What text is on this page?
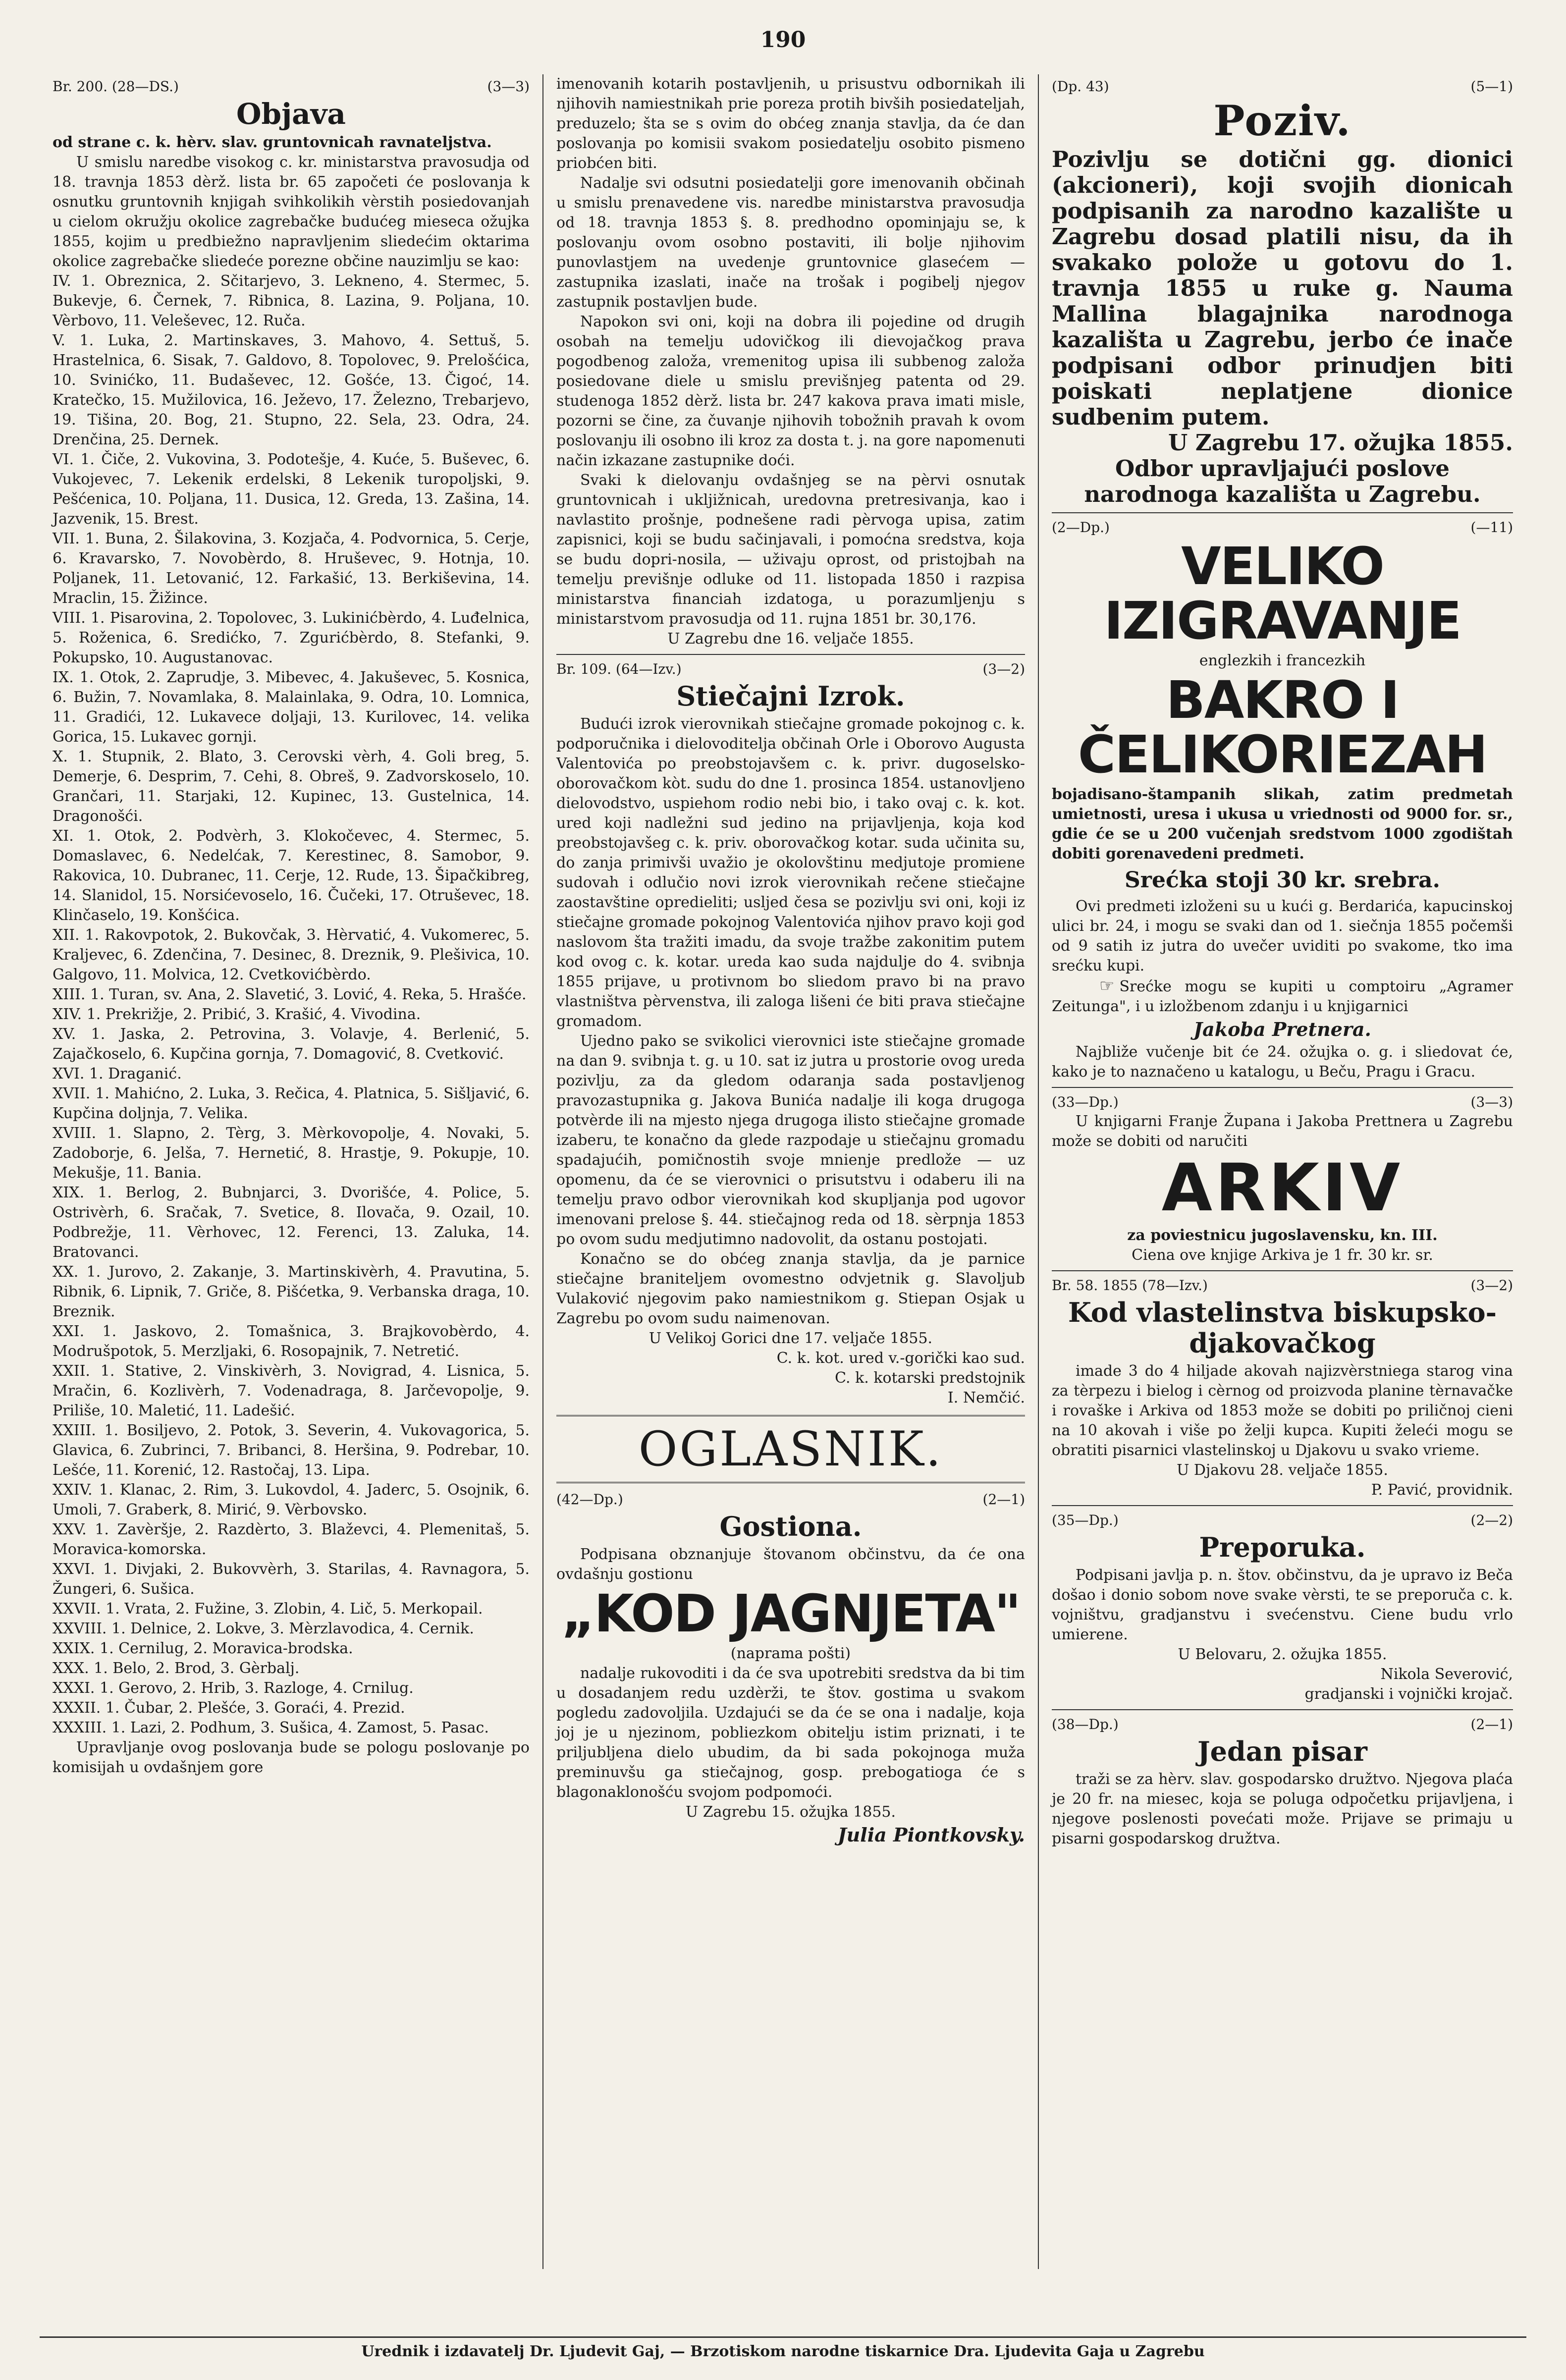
190
Br. 200. (28—DS.)	(3—3)
Objava

od strane c. k. hèrv. slav. gruntovnicah ravnateljstva.

U smislu naredbe visokog c. kr. ministarstva pravosudja od 18. travnja 1853 dèrž. lista br. 65 započeti će poslovanja k osnutku gruntovnih knjigah svihkolikih vèrstih posiedovanjah u cielom okružju okolice zagrebačke budućeg mieseca ožujka 1855, kojim u predbiežno napravljenim sliedećim oktarima okolice zagrebačke sliedeće porezne občine nauzimlju se kao:

IV. 1. Obreznica, 2. Sčitarjevo, 3. Lekneno, 4. Stermec, 5. Bukevje, 6. Černek, 7. Ribnica, 8. Lazina, 9. Poljana, 10. Vèrbovo, 11. Veleševec, 12. Ruča.

V. 1. Luka, 2. Martinskaves, 3. Mahovo, 4. Settuš, 5. Hrastelnica, 6. Sisak, 7. Galdovo, 8. Topolovec, 9. Prelošćica, 10. Svinićko, 11. Budaševec, 12. Gošće, 13. Čigoć, 14. Kratečko, 15. Mužilovica, 16. Ježevo, 17. Železno, Trebarjevo, 19. Tišina, 20. Bog, 21. Stupno, 22. Sela, 23. Odra, 24. Drenčina, 25. Dernek.

VI. 1. Čiče, 2. Vukovina, 3. Podotešje, 4. Kuće, 5. Buševec, 6. Vukojevec, 7. Lekenik erdelski, 8 Lekenik turopoljski, 9. Pešćenica, 10. Poljana, 11. Dusica, 12. Greda, 13. Zašina, 14. Jazvenik, 15. Brest.

VII. 1. Buna, 2. Šilakovina, 3. Kozjača, 4. Podvornica, 5. Cerje, 6. Kravarsko, 7. Novobèrdo, 8. Hruševec, 9. Hotnja, 10. Poljanek, 11. Letovanić, 12. Farkašić, 13. Berkiševina, 14. Mraclin, 15. Žižince.

VIII. 1. Pisarovina, 2. Topolovec, 3. Lukinićbèrdo, 4. Luđelnica, 5. Roženica, 6. Sredićko, 7. Zgurićbèrdo, 8. Stefanki, 9. Pokupsko, 10. Augustanovac.

IX. 1. Otok, 2. Zaprudje, 3. Mibevec, 4. Jakuševec, 5. Kosnica, 6. Bužin, 7. Novamlaka, 8. Malainlaka, 9. Odra, 10. Lomnica, 11. Gradići, 12. Lukavece doljaji, 13. Kurilovec, 14. velika Gorica, 15. Lukavec gornji.

X. 1. Stupnik, 2. Blato, 3. Cerovski vèrh, 4. Goli breg, 5. Demerje, 6. Desprim, 7. Cehi, 8. Obreš, 9. Zadvorskoselo, 10. Grančari, 11. Starjaki, 12. Kupinec, 13. Gustelnica, 14. Dragonošći.

XI. 1. Otok, 2. Podvèrh, 3. Klokočevec, 4. Stermec, 5. Domaslavec, 6. Nedelćak, 7. Kerestinec, 8. Samobor, 9. Rakovica, 10. Dubranec, 11. Cerje, 12. Rude, 13. Šipačkibreg, 14. Slanidol, 15. Norsićevoselo, 16. Čučeki, 17. Otruševec, 18. Klinčaselo, 19. Konšćica.

XII. 1. Rakovpotok, 2. Bukovčak, 3. Hèrvatić, 4. Vukomerec, 5. Kraljevec, 6. Zdenčina, 7. Desinec, 8. Dreznik, 9. Plešivica, 10. Galgovo, 11. Molvica, 12. Cvetkovićbèrdo.

XIII. 1. Turan, sv. Ana, 2. Slavetić, 3. Lović, 4. Reka, 5. Hrašće.

XIV. 1. Prekrižje, 2. Pribić, 3. Krašić, 4. Vivodina.

XV. 1. Jaska, 2. Petrovina, 3. Volavje, 4. Berlenić, 5. Zajačkoselo, 6. Kupčina gornja, 7. Domagović, 8. Cvetković.

XVI. 1. Draganić.

XVII. 1. Mahićno, 2. Luka, 3. Rečica, 4. Platnica, 5. Sišljavić, 6. Kupčina doljnja, 7. Velika.

XVIII. 1. Slapno, 2. Tèrg, 3. Mèrkovopolje, 4. Novaki, 5. Zadoborje, 6. Jelša, 7. Hernetić, 8. Hrastje, 9. Pokupje, 10. Mekušje, 11. Bania.

XIX. 1. Berlog, 2. Bubnjarci, 3. Dvorišće, 4. Police, 5. Ostrivèrh, 6. Sračak, 7. Svetice, 8. Ilovača, 9. Ozail, 10. Podbrežje, 11. Vèrhovec, 12. Ferenci, 13. Zaluka, 14. Bratovanci.

XX. 1. Jurovo, 2. Zakanje, 3. Martinskivèrh, 4. Pravutina, 5. Ribnik, 6. Lipnik, 7. Griče, 8. Pišćetka, 9. Verbanska draga, 10. Breznik.

XXI. 1. Jaskovo, 2. Tomašnica, 3. Brajkovobèrdo, 4. Modrušpotok, 5. Merzljaki, 6. Rosopajnik, 7. Netretić.

XXII. 1. Stative, 2. Vinskivèrh, 3. Novigrad, 4. Lisnica, 5. Mračin, 6. Kozlivèrh, 7. Vodenadraga, 8. Jarčevopolje, 9. Priliše, 10. Maletić, 11. Ladešić.

XXIII. 1. Bosiljevo, 2. Potok, 3. Severin, 4. Vukovagorica, 5. Glavica, 6. Zubrinci, 7. Bribanci, 8. Heršina, 9. Podrebar, 10. Lešće, 11. Korenić, 12. Rastočaj, 13. Lipa.

XXIV. 1. Klanac, 2. Rim, 3. Lukovdol, 4. Jaderc, 5. Osojnik, 6. Umoli, 7. Graberk, 8. Mirić, 9. Vèrbovsko.

XXV. 1. Zavèršje, 2. Razdèrto, 3. Blaževci, 4. Plemenitaš, 5. Moravica-komorska.

XXVI. 1. Divjaki, 2. Bukovvèrh, 3. Starilas, 4. Ravnagora, 5. Žungeri, 6. Sušica.

XXVII. 1. Vrata, 2. Fužine, 3. Zlobin, 4. Lič, 5. Merkopail.

XXVIII. 1. Delnice, 2. Lokve, 3. Mèrzlavodica, 4. Cernik.

XXIX. 1. Cernilug, 2. Moravica-brodska.

XXX. 1. Belo, 2. Brod, 3. Gèrbalj.

XXXI. 1. Gerovo, 2. Hrib, 3. Razloge, 4. Crnilug.

XXXII. 1. Čubar, 2. Plešće, 3. Goraći, 4. Prezid.

XXXIII. 1. Lazi, 2. Podhum, 3. Sušica, 4. Zamost, 5. Pasac.

Upravljanje ovog poslovanja bude se pologu poslovanje po komisijah u ovdašnjem gore

imenovanih kotarih postavljenih, u prisustvu odbornikah ili njihovih namiestnikah prie poreza protih bivših posiedateljah, preduzelo; šta se s ovim do obćeg znanja stavlja, da će dan poslovanja po komisii svakom posiedatelju osobito pismeno priobćen biti.

Nadalje svi odsutni posiedatelji gore imenovanih občinah u smislu prenavedene vis. naredbe ministarstva pravosudja od 18. travnja 1853 §. 8. predhodno opominjaju se, k poslovanju ovom osobno postaviti, ili bolje njihovim punovlastjem na uvedenje gruntovnice glasećem — zastupnika izaslati, inače na trošak i pogibelj njegov zastupnik postavljen bude.

Napokon svi oni, koji na dobra ili pojedine od drugih osobah na temelju udovičkog ili dievojačkog prava pogodbenog založa, vremenitog upisa ili subbenog založa posiedovane diele u smislu previšnjeg patenta od 29. studenoga 1852 dèrž. lista br. 247 kakova prava imati misle, pozorni se čine, za čuvanje njihovih tobožnih pravah k ovom poslovanju ili osobno ili kroz za dosta t. j. na gore napomenuti način izkazane zastupnike doći.

Svaki k dielovanju ovdašnjeg se na pèrvi osnutak gruntovnicah i ukljižnicah, uredovna pretresivanja, kao i navlastito prošnje, podnešene radi pèrvoga upisa, zatim zapisnici, koji se budu sačinjavali, i pomoćna sredstva, koja se budu dopri-nosila, — uživaju oprost, od pristojbah na temelju previšnje odluke od 11. listopada 1850 i razpisa ministarstva financiah izdatoga, u porazumljenju s ministarstvom pravosudja od 11. rujna 1851 br. 30,176.

U Zagrebu dne 16. veljače 1855.

Br. 109. (64—Izv.)	(3—2)
Stiečajni Izrok.

Budući izrok vierovnikah stiečajne gromade pokojnog c. k. podporučnika i dielovoditelja občinah Orle i Oborovo Augusta Valentovića po preobstojavšem c. k. privr. dugoselsko-oborovačkom kòt. sudu do dne 1. prosinca 1854. ustanovljeno dielovodstvo, uspiehom rodio nebi bio, i tako ovaj c. k. kot. ured koji nadležni sud jedino na prijavljenja, koja kod preobstojavšeg c. k. priv. oborovačkog kotar. suda učinita su, do zanja primivši uvažio je okolovštinu medjutoje promiene sudovah i odlučio novi izrok vierovnikah rečene stiečajne zaostavštine opredieliti; usljed česa se pozivlju svi oni, koji iz stiečajne gromade pokojnog Valentovića njihov pravo koji god naslovom šta tražiti imadu, da svoje tražbe zakonitim putem kod ovog c. k. kotar. ureda kao suda najdulje do 4. svibnja 1855 prijave, u protivnom bo sliedom pravo bi na pravo vlastništva pèrvenstva, ili zaloga lišeni će biti prava stiečajne gromadom.

Ujedno pako se svikolici vierovnici iste stiečajne gromade na dan 9. svibnja t. g. u 10. sat iz jutra u prostorie ovog ureda pozivlju, za da gledom odaranja sada postavljenog pravozastupnika g. Jakova Bunića nadalje ili koga drugoga potvèrde ili na mjesto njega drugoga ilisto stiečajne gromade izaberu, te konačno da glede razpodaje u stiečajnu gromadu spadajućih, pomičnostih svoje mnienje predlože — uz opomenu, da će se vierovnici o prisutstvu i odaberu ili na temelju pravo odbor vierovnikah kod skupljanja pod ugovor imenovani prelose §. 44. stiečajnog reda od 18. sèrpnja 1853 po ovom sudu medjutimno nadovolit, da ostanu postojati.

Konačno se do obćeg znanja stavlja, da je parnice stiečajne braniteljem ovomestno odvjetnik g. Slavoljub Vulaković njegovim pako namiestnikom g. Stiepan Osjak u Zagrebu po ovom sudu naimenovan.

U Velikoj Gorici dne 17. veljače 1855.

C. k. kot. ured v.-gorički kao sud.

C. k. kotarski predstojnik

I. Nemčić.

OGLASNIK.
(42—Dp.)	(2—1)
Gostiona.

Podpisana obznanjuje štovanom občinstvu, da će ona ovdašnju gostionu

„KOD JAGNJETA"

(naprama pošti)

nadalje rukovoditi i da će sva upotrebiti sredstva da bi tim u dosadanjem redu uzdèrži, te štov. gostima u svakom pogledu zadovoljila. Uzdajući se da će se ona i nadalje, koja joj je u njezinom, pobliezkom obitelju istim priznati, i te priljubljena dielo ubudim, da bi sada pokojnoga muža preminuvšu ga stiečajnog, gosp. prebogatioga će s blagonaklonošću svojom podpomoći.

U Zagrebu 15. ožujka 1855.

Julia Piontkovsky.

(Dp. 43)	(5—1)
Poziv.

Pozivlju se dotični gg. dionici (akcioneri), koji svojih dionicah podpisanih za narodno kazalište u Zagrebu dosad platili nisu, da ih svakako polože u gotovu do 1. travnja 1855 u ruke g. Nauma Mallina blagajnika narodnoga kazališta u Zagrebu, jerbo će inače podpisani odbor prinudjen biti poiskati neplatjene dionice sudbenim putem.

U Zagrebu 17. ožujka 1855.

Odbor upravljajući poslove narodnoga kazališta u Zagrebu.

(2—Dp.)	(—11)
VELIKO IZIGRAVANJE

englezkih i francezkih

BAKRO I ČELIKORIEZAH

bojadisano-štampanih slikah, zatim predmetah umietnosti, uresa i ukusa u vriednosti od 9000 for. sr., gdie će se u 200 vučenjah sredstvom 1000 zgodištah dobiti gorenavedeni predmeti.

Srećka stoji 30 kr. srebra.

Ovi predmeti izloženi su u kući g. Berdarića, kapucinskoj ulici br. 24, i mogu se svaki dan od 1. siečnja 1855 počemši od 9 satih iz jutra do uvečer uviditi po svakome, tko ima srećku kupi.

☞ Srećke mogu se kupiti u comptoiru „Agramer Zeitunga", i u izložbenom zdanju i u knjigarnici

Jakoba Pretnera.

Najbliže vučenje bit će 24. ožujka o. g. i sliedovat će, kako je to naznačeno u katalogu, u Beču, Pragu i Gracu.

(33—Dp.)	(3—3)

U knjigarni Franje Župana i Jakoba Prettnera u Zagrebu može se dobiti od naručiti

ARKIV

za poviestnicu jugoslavensku, kn. III.

Ciena ove knjige Arkiva je 1 fr. 30 kr. sr.

Br. 58. 1855 (78—Izv.)	(3—2)
Kod vlastelinstva biskupsko-djakovačkog

imade 3 do 4 hiljade akovah najizvèrstniega starog vina za tèrpezu i bielog i cèrnog od proizvoda planine tèrnavačke i rovaške i Arkiva od 1853 može se dobiti po priličnoj cieni na 10 akovah i više po želji kupca. Kupiti želeći mogu se obratiti pisarnici vlastelinskoj u Djakovu u svako vrieme.

U Djakovu 28. veljače 1855.

P. Pavić, providnik.

(35—Dp.)	(2—2)
Preporuka.

Podpisani javlja p. n. štov. občinstvu, da je upravo iz Beča došao i donio sobom nove svake vèrsti, te se preporuča c. k. vojništvu, gradjanstvu i svećenstvu. Ciene budu vrlo umierene.

U Belovaru, 2. ožujka 1855.

Nikola Severović,

gradjanski i vojnički krojač.

(38—Dp.)	(2—1)
Jedan pisar

traži se za hèrv. slav. gospodarsko družtvo. Njegova plaća je 20 fr. na miesec, koja se poluga odpočetku prijavljena, i njegove poslenosti povećati može. Prijave se primaju u pisarni gospodarskog družtva.

Urednik i izdavatelj Dr. Ljudevit Gaj, — Brzotiskom narodne tiskarnice Dra. Ljudevita Gaja u Zagrebu
